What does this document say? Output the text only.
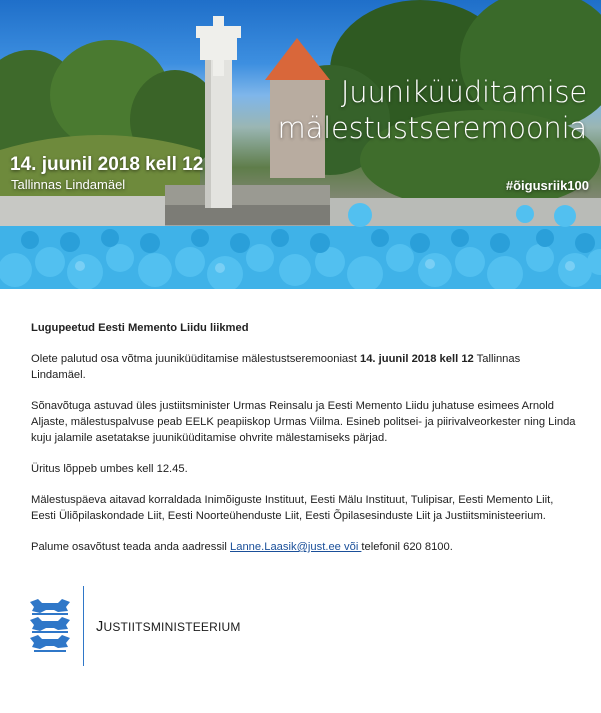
Juuniküüditamise
mälestustseremoonia

14. juunil 2018 kell 12

Tallinnas Lindamäel	#õigusriik100

Lugupeetud Eesti Memento Liidu liikmed

Olete palutud osa võtma juuniküüditamise mälestustseremooniast 14. juunil 2018 kell 12 Tallinnas Lindamäel.

Sõnavõtuga astuvad üles justiitsminister Urmas Reinsalu ja Eesti Memento Liidu juhatuse esimees Arnold Aljaste, mälestuspalvuse peab EELK peapiiskop Urmas Viilma. Esineb politsei- ja piirivalveorkester ning Linda kuju jalamile asetatakse juuniküüditamise ohvrite mälestamiseks pärjad.

Üritus lõppeb umbes kell 12.45.

Mälestuspäeva aitavad korraldada Inimõiguste Instituut, Eesti Mälu Instituut, Tulipisar, Eesti Memento Liit, Eesti Üliõpilaskondade Liit, Eesti Noorteühenduste Liit, Eesti Õpilasesinduste Liit ja Justiitsministeerium.

Palume osavõtust teada anda aadressil Lanne.Laasik@just.ee või telefonil 620 8100.

JUSTIITSMINISTEERIUM
